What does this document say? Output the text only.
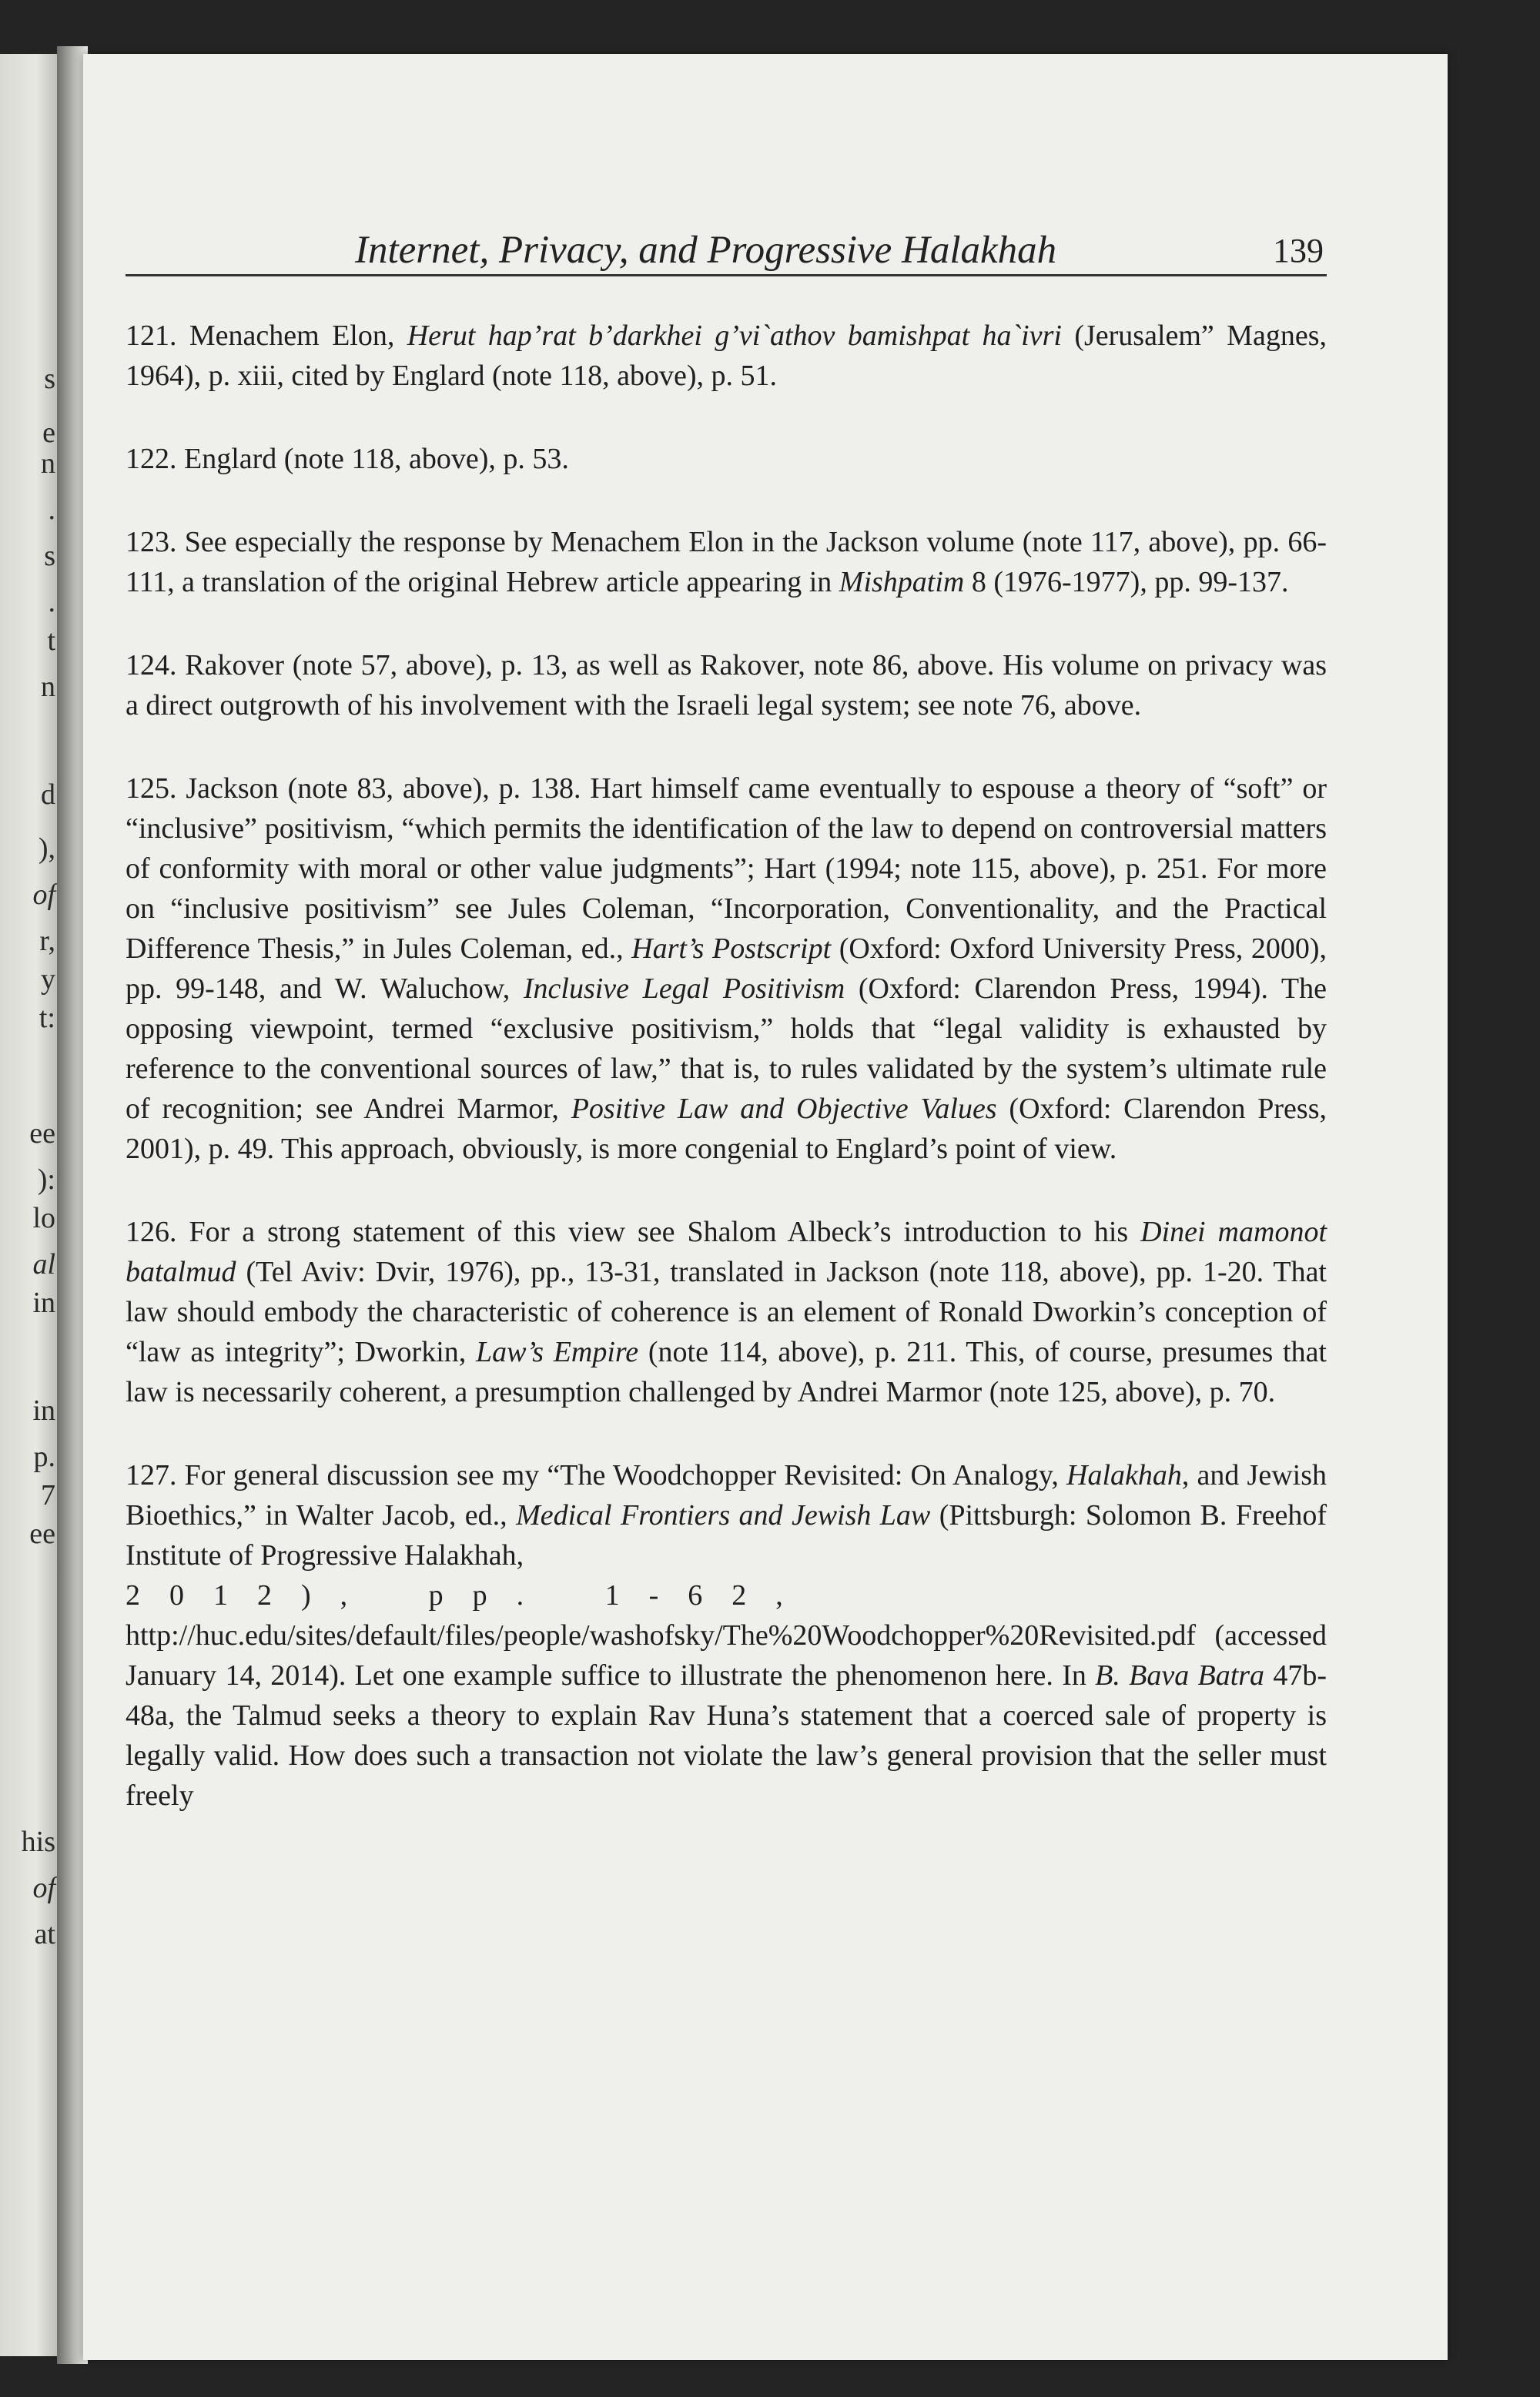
s
e
n
.
s
.
t
n
d
),
of
r,
y
t:
ee
):
lo
al
in
in
p.
7
ee
his
of
at
Internet, Privacy, and Progressive Halakhah	139

121. Menachem Elon, Herut hap’rat b’darkhei g’vi`athov bamishpat ha`ivri (Jerusalem” Magnes, 1964), p. xiii, cited by Englard (note 118, above), p. 51.

122. Englard (note 118, above), p. 53.

123. See especially the response by Menachem Elon in the Jackson volume (note 117, above), pp. 66-111, a translation of the original Hebrew article appearing in Mishpatim 8 (1976-1977), pp. 99-137.

124. Rakover (note 57, above), p. 13, as well as Rakover, note 86, above. His volume on privacy was a direct outgrowth of his involvement with the Israeli legal system; see note 76, above.

125. Jackson (note 83, above), p. 138. Hart himself came eventually to espouse a theory of “soft” or “inclusive” positivism, “which permits the identification of the law to depend on controversial matters of conformity with moral or other value judgments”; Hart (1994; note 115, above), p. 251. For more on “inclusive positivism” see Jules Coleman, “Incorporation, Conventionality, and the Practical Difference Thesis,” in Jules Coleman, ed., Hart’s Postscript (Oxford: Oxford University Press, 2000), pp. 99-148, and W. Waluchow, Inclusive Legal Positivism (Oxford: Clarendon Press, 1994). The opposing viewpoint, termed “exclusive positivism,” holds that “legal validity is exhausted by reference to the conventional sources of law,” that is, to rules validated by the system’s ultimate rule of recognition; see Andrei Marmor, Positive Law and Objective Values (Oxford: Clarendon Press, 2001), p. 49. This approach, obviously, is more congenial to Englard’s point of view.

126. For a strong statement of this view see Shalom Albeck’s introduction to his Dinei mamonot batalmud (Tel Aviv: Dvir, 1976), pp., 13-31, translated in Jackson (note 118, above), pp. 1-20. That law should embody the characteristic of coherence is an element of Ronald Dworkin’s conception of “law as integrity”; Dworkin, Law’s Empire (note 114, above), p. 211. This, of course, presumes that law is necessarily coherent, a presumption challenged by Andrei Marmor (note 125, above), p. 70.

127. For general discussion see my “The Woodchopper Revisited: On Analogy, Halakhah, and Jewish Bioethics,” in Walter Jacob, ed., Medical Frontiers and Jewish Law (Pittsburgh: Solomon B. Freehof Institute of Progressive Halakhah,
2012), pp. 1-62,
http://huc.edu/sites/default/files/people/washofsky/The%20Woodchopper%20Revisited.pdf (accessed January 14, 2014). Let one example suffice to illustrate the phenomenon here. In B. Bava Batra 47b-48a, the Talmud seeks a theory to explain Rav Huna’s statement that a coerced sale of property is legally valid. How does such a transaction not violate the law’s general provision that the seller must freely
